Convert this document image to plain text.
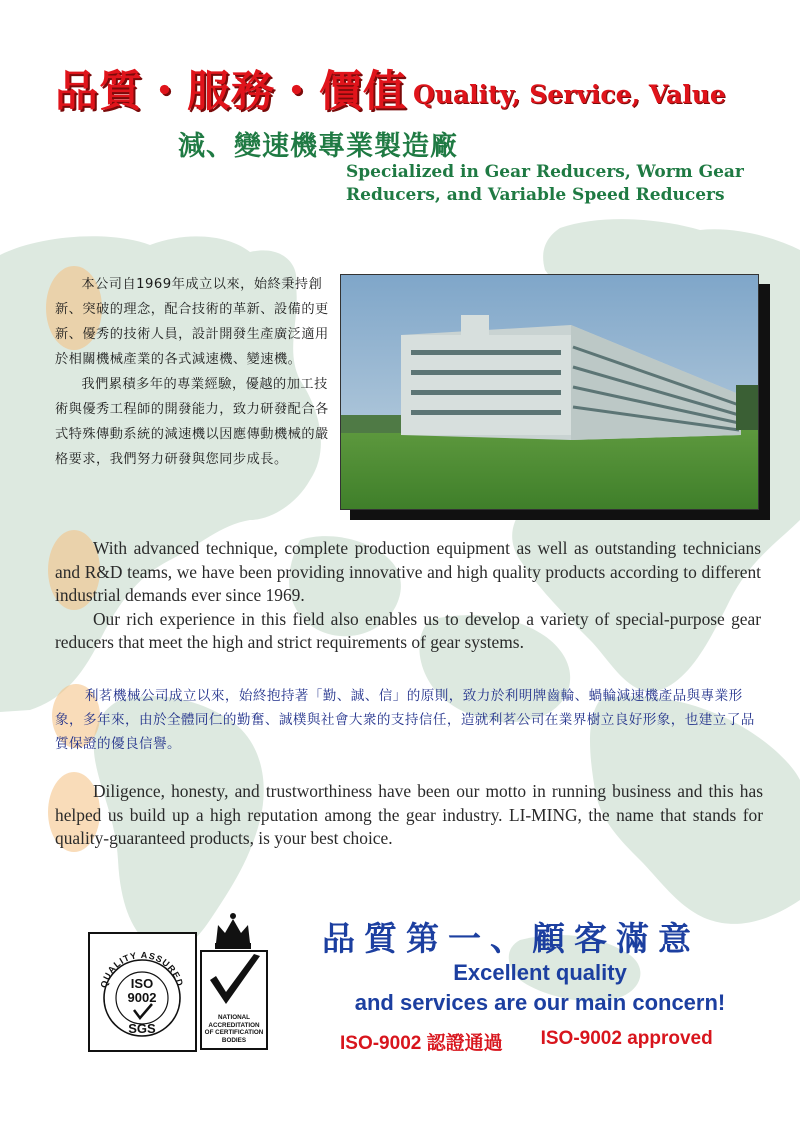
品質・服務・價值 Quality, Service, Value
減、變速機專業製造廠
Specialized in Gear Reducers, Worm Gear Reducers, and Variable Speed Reducers

本公司自1969年成立以來，始終秉持創新、突破的理念，配合技術的革新、設備的更新、優秀的技術人員，設計開發生產廣泛適用於相關機械產業的各式減速機、變速機。

我們累積多年的專業經驗，優越的加工技術與優秀工程師的開發能力，致力研發配合各式特殊傳動系統的減速機以因應傳動機械的嚴格要求，我們努力研發與您同步成長。

With advanced technique, complete production equipment as well as outstanding technicians and R&D teams, we have been providing innovative and high quality products according to different industrial demands ever since 1969.

Our rich experience in this field also enables us to develop a variety of special-purpose gear reducers that meet the high and strict requirements of gear systems.

利茗機械公司成立以來，始終抱持著「勤、誠、信」的原則，致力於利明牌齒輪、蝸輪減速機產品與專業形象，多年來，由於全體同仁的勤奮、誠樸與社會大衆的支持信任，造就利茗公司在業界樹立良好形象，也建立了品質保證的優良信譽。
Diligence, honesty, and trustworthiness have been our motto in running business and this has helped us build up a high reputation among the gear industry. LI-MING, the name that stands for quality-guaranteed products, is your best choice.
QUALITY ASSURED
ISO
9002
SGS
NATIONAL
ACCREDITATION
OF CERTIFICATION
BODIES
品質第一、顧客滿意
Excellent quality
and services are our main concern!
ISO-9002 認證通過 ISO-9002 approved
